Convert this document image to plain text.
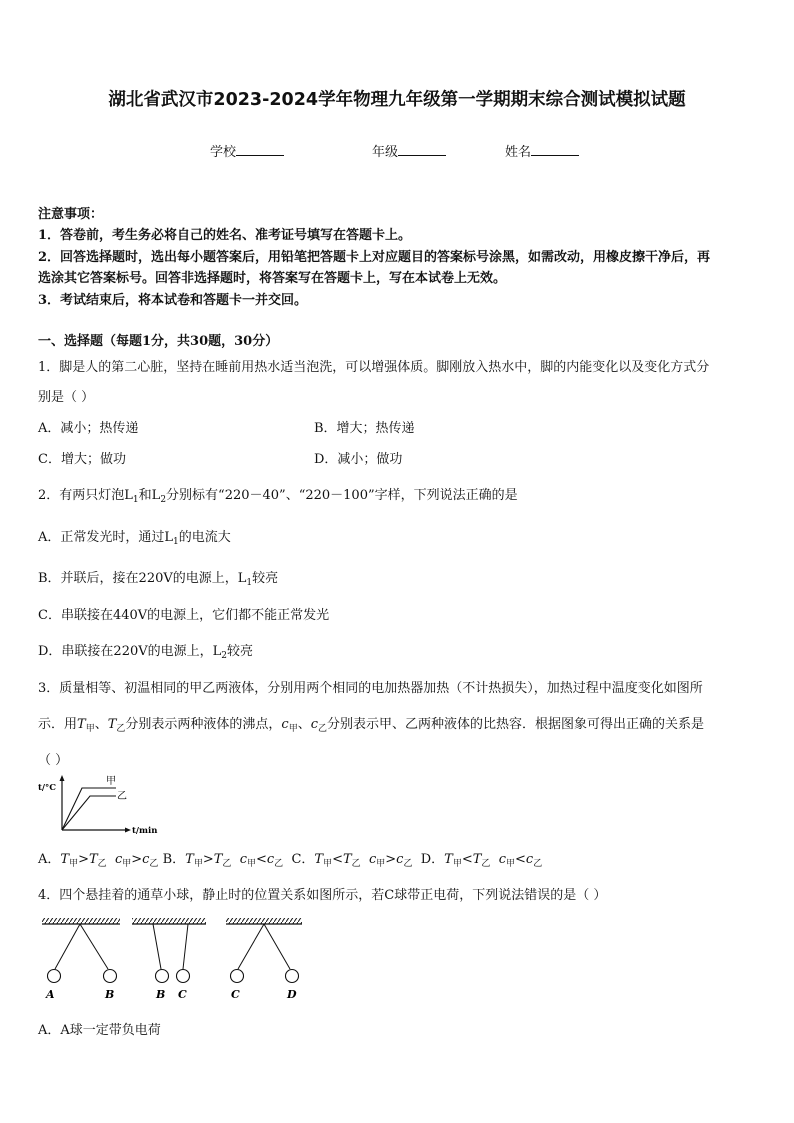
湖北省武汉市2023-2024学年物理九年级第一学期期末综合测试模拟试题
学校	年级	姓名
注意事项：
1．答卷前，考生务必将自己的姓名、准考证号填写在答题卡上。
2．回答选择题时，选出每小题答案后，用铅笔把答题卡上对应题目的答案标号涂黑，如需改动，用橡皮擦干净后，再
选涂其它答案标号。回答非选择题时，将答案写在答题卡上，写在本试卷上无效。
3．考试结束后，将本试卷和答题卡一并交回。
一、选择题（每题1分，共30题，30分）
1．脚是人的第二心脏，坚持在睡前用热水适当泡洗，可以增强体质。脚刚放入热水中，脚的内能变化以及变化方式分
别是（ ）
A．减小；热传递	B．增大；热传递
C．增大；做功	D．减小；做功
2．有两只灯泡$L_1$和$L_2$分别标有“220－40”、“220－100”字样，下列说法正确的是
A．正常发光时，通过$L_1$的电流大
B．并联后，接在220V的电源上，$L_1$较亮
C．串联接在440V的电源上，它们都不能正常发光
D．串联接在220V的电源上，$L_2$较亮
3．质量相等、初温相同的甲乙两液体，分别用两个相同的电加热器加热（不计热损失），加热过程中温度变化如图所
示．用$T_甲$、$T_乙$分别表示两种液体的沸点，$c_甲$、$c_乙$分别表示甲、乙两种液体的比热容．根据图象可得出正确的关系是
（ ）
t/°C
t/min
甲
乙
A．$T_甲>T_乙$ $c_甲>c_乙$ B．$T_甲>T_乙$ $c_甲<c_乙$ C．$T_甲<T_乙$ $c_甲>c_乙$ D．$T_甲<T_乙$ $c_甲<c_乙$
4．四个悬挂着的通草小球，静止时的位置关系如图所示，若C球带正电荷，下列说法错误的是（ ）
A	B	B C	C	D
A．A球一定带负电荷
